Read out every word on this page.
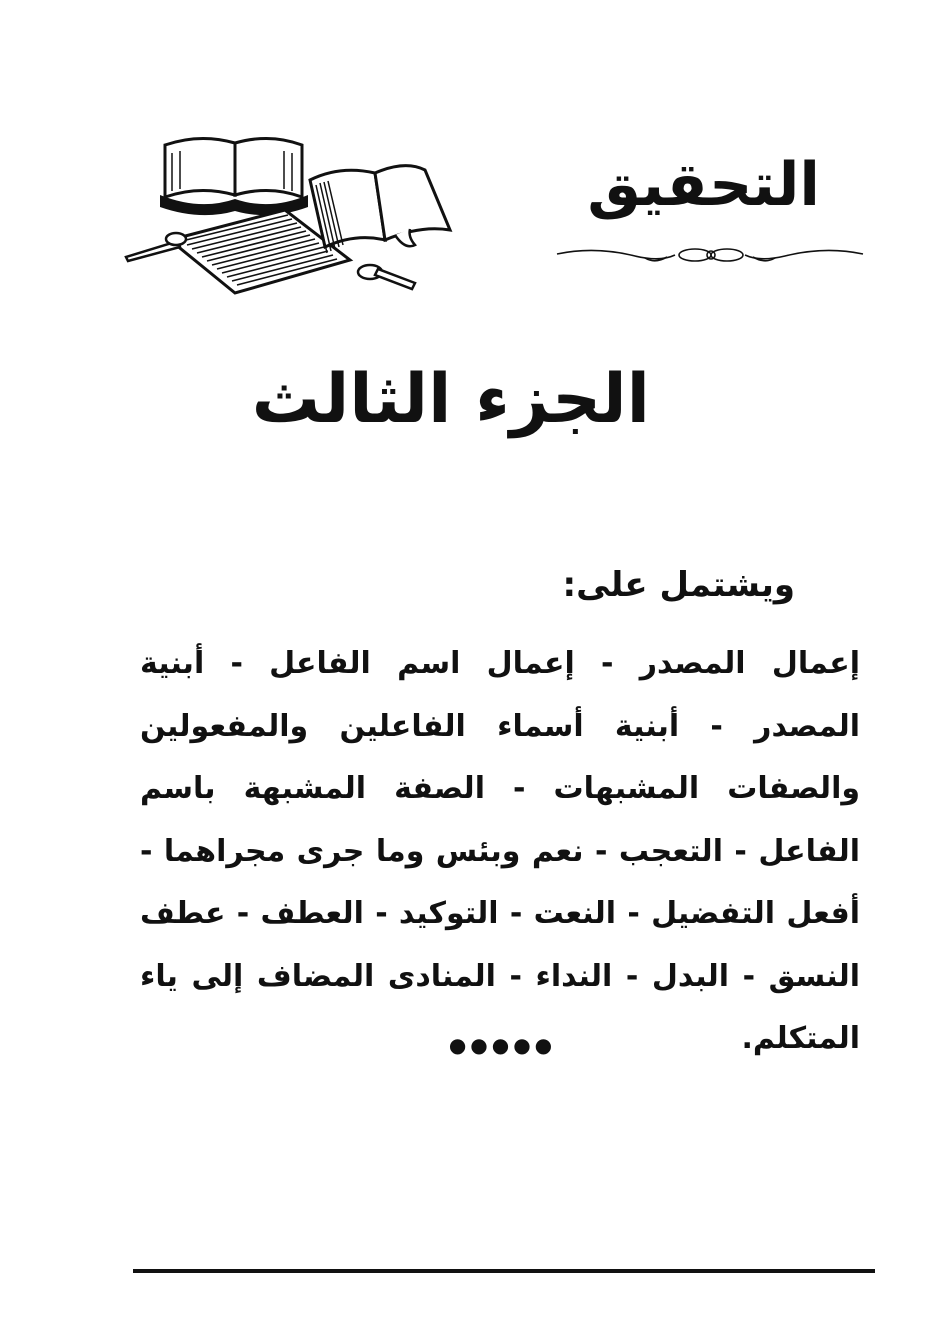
التحقيق
الجزء الثالث
ويشتمل على:

إعمال المصدر - إعمال اسم الفاعل - أبنية المصدر - أبنية أسماء الفاعلين والمفعولين والصفات المشبهات - الصفة المشبهة باسم الفاعل - التعجب - نعم وبئس وما جرى مجراهما - أفعل التفضيل - النعت - التوكيد - العطف - عطف النسق - البدل - النداء - المنادى المضاف إلى ياء المتكلم.

●●●●●
